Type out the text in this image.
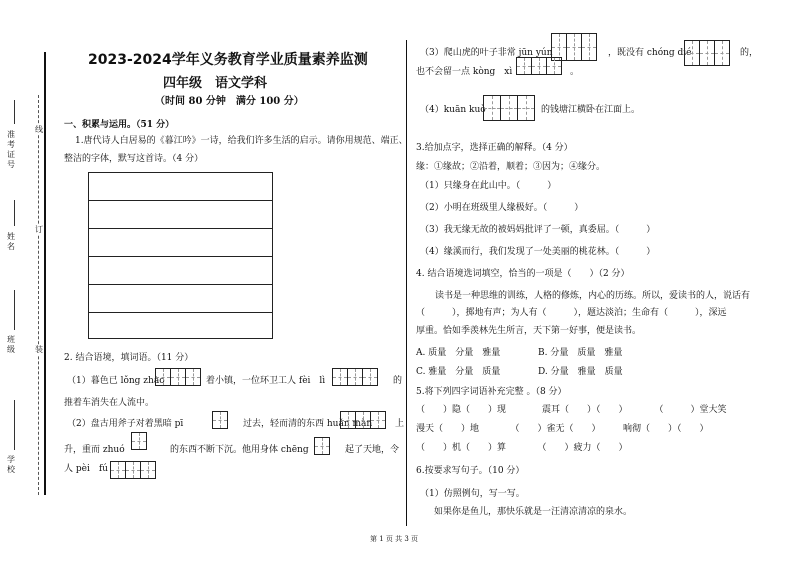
准考证号
姓名
班级
学校
线
订
装
2023-2024学年义务教育学业质量素养监测
四年级　语文学科
（时间 80 分钟　满分 100 分）
一、积累与运用。（51 分）
1.唐代诗人白居易的《暮江吟》一诗，给我们许多生活的启示。请你用规范、端正、
整洁的字体，默写这首诗。（4 分）
2. 结合语境，填词语。（11 分）
（1）暮色已 lǒng zhào	着小镇，一位环卫工人 fèi　lì	的
推着车消失在人流中。
（2）盘古用斧子对着黑暗 pī	过去，轻而清的东西 huǎn màn	上
升，重而 zhuó	的东西不断下沉。他用身体 chēng	起了天地，令
人 pèi　fú
（3）爬山虎的叶子非常 jūn yún	，既没有 chóng dié	的，
也不会留一点 kòng　xì	。
（4）kuān kuò	的钱塘江横卧在江面上。
3.给加点字，选择正确的解释。（4 分）
缘：①缘故；②沿着，顺着；③因为；④缘分。
（1）只缘身在此山中。（　　　）
（2）小明在班级里人缘极好。（　　　）
（3）我无缘无故的被妈妈批评了一顿，真委屈。（　　　）
（4）缘溪而行，我们发现了一处美丽的桃花林。（　　　）
4. 结合语境选词填空，恰当的一项是（　　）（2 分）
读书是一种思维的训练，人格的修炼，内心的历练。所以，爱读书的人，说话有
（　　　），掷地有声；为人有（　　　），题达淡泊；生命有（　　　），深远
厚重。恰如季羡林先生所言，天下第一好事，便是读书。
A. 质量　分量　雅量	B. 分量　质量　雅量
C. 雅量　分量　质量	D. 分量　雅量　质量
5.将下列四字词语补充完整 。（8 分）
（　　）隐（　　）现　　　　震耳（　　）（　　）　　　　（　　　）堂大笑
漫天（　　）地　　　　（　　）雀无（　　）　　　响彻（　　）（　　）
（　　）机（　　）算　　　　（　　）疲力（　　）
6.按要求写句子。（10 分）
（1）仿照例句，写一写。
如果你是鱼儿，那快乐就是一汪清凉清凉的泉水。
第 1 页 共 3 页
